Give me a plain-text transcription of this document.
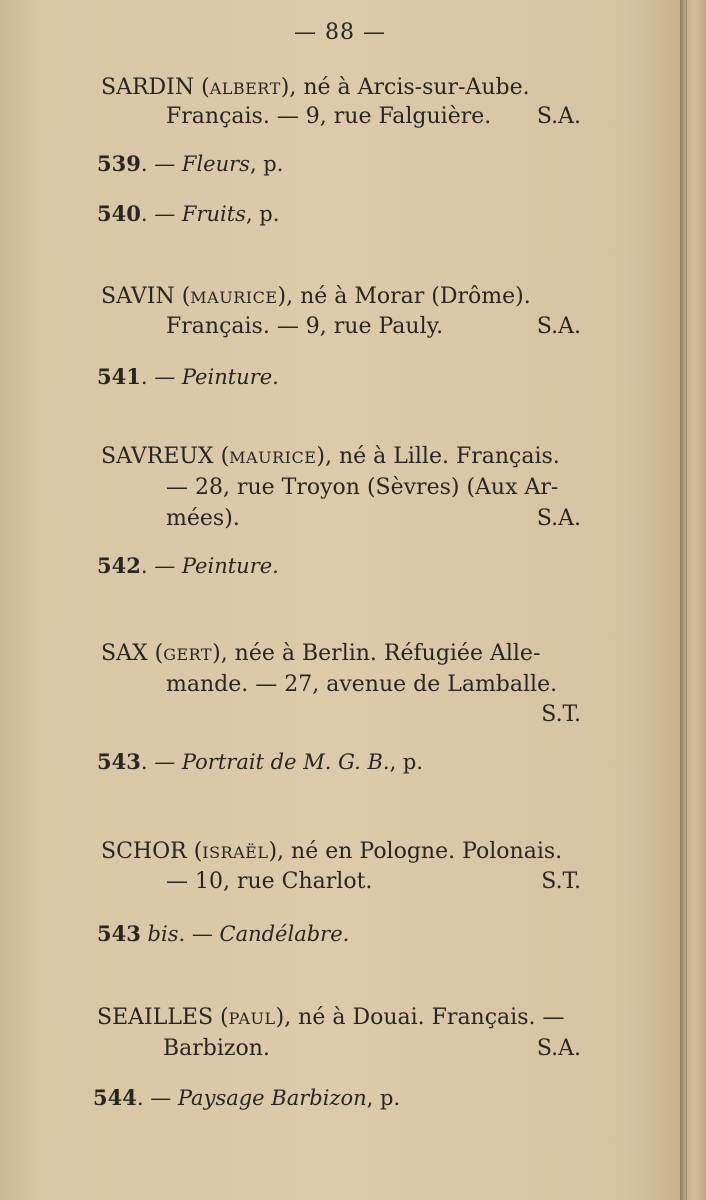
— 88 —
SARDIN (ALBERT), né à Arcis-sur-Aube.
Français. — 9, rue Falguière. S.A.
539. — Fleurs, p.
540. — Fruits, p.
SAVIN (MAURICE), né à Morar (Drôme).
Français. — 9, rue Pauly.	S.A.
541. — Peinture.
SAVREUX (MAURICE), né à Lille. Français.
— 28, rue Troyon (Sèvres) (Aux Ar-
mées).	S.A.
542. — Peinture.
SAX (GERT), née à Berlin. Réfugiée Alle-
mande. — 27, avenue de Lamballe.
S.T.
543. — Portrait de M. G. B., p.
SCHOR (ISRAËL), né en Pologne. Polonais.
— 10, rue Charlot.	S.T.
543 bis. — Candélabre.
SEAILLES (PAUL), né à Douai. Français. —
Barbizon.	S.A.
544. — Paysage Barbizon, p.
